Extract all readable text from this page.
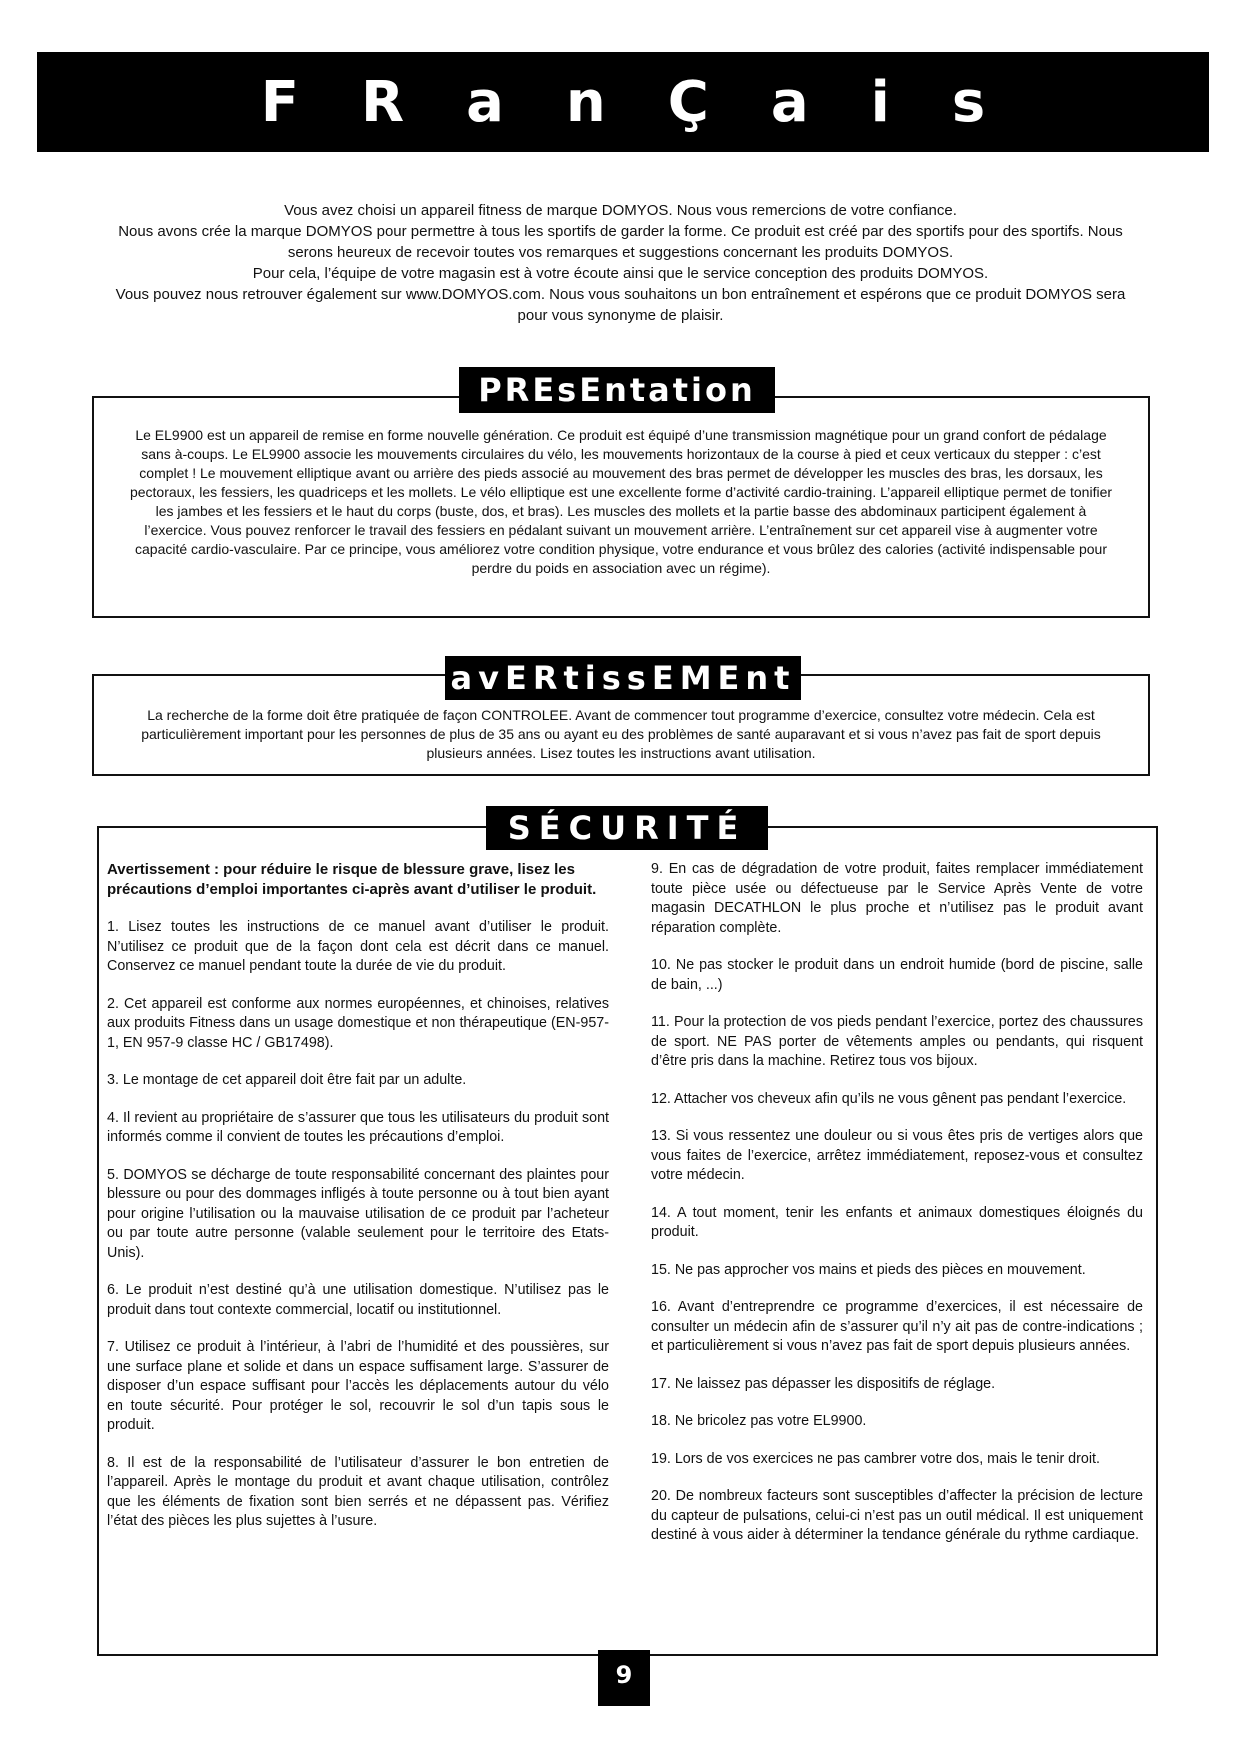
FRanÇais
Vous avez choisi un appareil fitness de marque DOMYOS. Nous vous remercions de votre confiance.
Nous avons crée la marque DOMYOS pour permettre à tous les sportifs de garder la forme. Ce produit est créé par des sportifs pour des sportifs. Nous serons heureux de recevoir toutes vos remarques et suggestions concernant les produits DOMYOS.
Pour cela, l’équipe de votre magasin est à votre écoute ainsi que le service conception des produits DOMYOS.
Vous pouvez nous retrouver également sur www.DOMYOS.com. Nous vous souhaitons un bon entraînement et espérons que ce produit DOMYOS sera pour vous synonyme de plaisir.
Le EL9900 est un appareil de remise en forme nouvelle génération. Ce produit est équipé d’une transmission magnétique pour un grand confort de pédalage sans à-coups. Le EL9900 associe les mouvements circulaires du vélo, les mouvements horizontaux de la course à pied et ceux verticaux du stepper : c’est complet ! Le mouvement elliptique avant ou arrière des pieds associé au mouvement des bras permet de développer les muscles des bras, les dorsaux, les pectoraux, les fessiers, les quadriceps et les mollets. Le vélo elliptique est une excellente forme d’activité cardio-training. L’appareil elliptique permet de tonifier les jambes et les fessiers et le haut du corps (buste, dos, et bras). Les muscles des mollets et la partie basse des abdominaux participent également à l’exercice. Vous pouvez renforcer le travail des fessiers en pédalant suivant un mouvement arrière. L’entraînement sur cet appareil vise à augmenter votre capacité cardio-vasculaire. Par ce principe, vous améliorez votre condition physique, votre endurance et vous brûlez des calories (activité indispensable pour perdre du poids en association avec un régime).
PREsEntation
La recherche de la forme doit être pratiquée de façon CONTROLEE. Avant de commencer tout programme d’exercice, consultez votre médecin. Cela est particulièrement important pour les personnes de plus de 35 ans ou ayant eu des problèmes de santé auparavant et si vous n’avez pas fait de sport depuis plusieurs années. Lisez toutes les instructions avant utilisation.
avERtissEMEnt
SÉCURITÉ

Avertissement : pour réduire le risque de blessure grave, lisez les précautions d’emploi importantes ci-après avant d’utiliser le produit.

1. Lisez toutes les instructions de ce manuel avant d’utiliser le produit. N’utilisez ce produit que de la façon dont cela est décrit dans ce manuel. Conservez ce manuel pendant toute la durée de vie du produit.

2. Cet appareil est conforme aux normes européennes, et chinoises, relatives aux produits Fitness dans un usage domestique et non thérapeutique (EN-957-1, EN 957-9 classe HC / GB17498).

3. Le montage de cet appareil doit être fait par un adulte.

4. Il revient au propriétaire de s’assurer que tous les utilisateurs du produit sont informés comme il convient de toutes les précautions d’emploi.

5. DOMYOS se décharge de toute responsabilité concernant des plaintes pour blessure ou pour des dommages infligés à toute personne ou à tout bien ayant pour origine l’utilisation ou la mauvaise utilisation de ce produit par l’acheteur ou par toute autre personne (valable seulement pour le territoire des Etats-Unis).

6. Le produit n’est destiné qu’à une utilisation domestique. N’utilisez pas le produit dans tout contexte commercial, locatif ou institutionnel.

7. Utilisez ce produit à l’intérieur, à l’abri de l’humidité et des poussières, sur une surface plane et solide et dans un espace suffisament large. S’assurer de disposer d’un espace suffisant pour l’accès les déplacements autour du vélo en toute sécurité. Pour protéger le sol, recouvrir le sol d’un tapis sous le produit.

8. Il est de la responsabilité de l’utilisateur d’assurer le bon entretien de l’appareil. Après le montage du produit et avant chaque utilisation, contrôlez que les éléments de fixation sont bien serrés et ne dépassent pas. Vérifiez l’état des pièces les plus sujettes à l’usure.

9. En cas de dégradation de votre produit, faites remplacer immédiatement toute pièce usée ou défectueuse par le Service Après Vente de votre magasin DECATHLON le plus proche et n’utilisez pas le produit avant réparation complète.

10. Ne pas stocker le produit dans un endroit humide (bord de piscine, salle de bain, ...)

11. Pour la protection de vos pieds pendant l’exercice, portez des chaussures de sport. NE PAS porter de vêtements amples ou pendants, qui risquent d’être pris dans la machine. Retirez tous vos bijoux.

12. Attacher vos cheveux afin qu’ils ne vous gênent pas pendant l’exercice.

13. Si vous ressentez une douleur ou si vous êtes pris de vertiges alors que vous faites de l’exercice, arrêtez immédiatement, reposez-vous et consultez votre médecin.

14. A tout moment, tenir les enfants et animaux domestiques éloignés du produit.

15. Ne pas approcher vos mains et pieds des pièces en mouvement.

16. Avant d’entreprendre ce programme d’exercices, il est nécessaire de consulter un médecin afin de s’assurer qu’il n’y ait pas de contre-indications ; et particulièrement si vous n’avez pas fait de sport depuis plusieurs années.

17. Ne laissez pas dépasser les dispositifs de réglage.

18. Ne bricolez pas votre EL9900.

19. Lors de vos exercices ne pas cambrer votre dos, mais le tenir droit.

20. De nombreux facteurs sont susceptibles d’affecter la précision de lecture du capteur de pulsations, celui-ci n’est pas un outil médical. Il est uniquement destiné à vous aider à déterminer la tendance générale du rythme cardiaque.

9
